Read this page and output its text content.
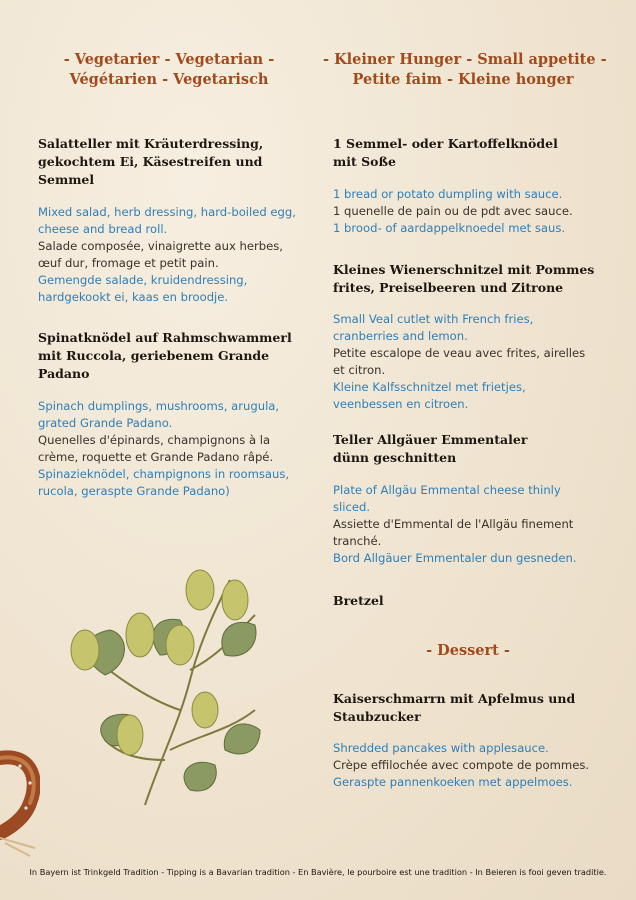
- Vegetarier - Vegetarian -
Végétarien - Vegetarisch
Salatteller mit Kräuterdressing,
gekochtem Ei, Käsestreifen und
Semmel
Mixed salad, herb dressing, hard-boiled egg,
cheese and bread roll.
Salade composée, vinaigrette aux herbes,
œuf dur, fromage et petit pain.
Gemengde salade, kruidendressing,
hardgekookt ei, kaas en broodje.
Spinatknödel auf Rahmschwammerl
mit Ruccola, geriebenem Grande
Padano
Spinach dumplings, mushrooms, arugula,
grated Grande Padano.
Quenelles d'épinards, champignons à la
crème, roquette et Grande Padano râpé.
Spinazieknödel, champignons in roomsaus,
rucola, geraspte Grande Padano)
- Kleiner Hunger - Small appetite -
Petite faim - Kleine honger
1 Semmel- oder Kartoffelknödel
mit Soße
1 bread or potato dumpling with sauce.
1 quenelle de pain ou de pdt avec sauce.
1 brood- of aardappelknoedel met saus.
Kleines Wienerschnitzel mit Pommes
frites, Preiselbeeren und Zitrone
Small Veal cutlet with French fries,
cranberries and lemon.
Petite escalope de veau avec frites, airelles
et citron.
Kleine Kalfsschnitzel met frietjes,
veenbessen en citroen.
Teller Allgäuer Emmentaler
dünn geschnitten
Plate of Allgäu Emmental cheese thinly
sliced.
Assiette d'Emmental de l'Allgäu finement
tranché.
Bord Allgäuer Emmentaler dun gesneden.
Bretzel
- Dessert -
Kaiserschmarrn mit Apfelmus und
Staubzucker
Shredded pancakes with applesauce.
Crèpe effilochée avec compote de pommes.
Geraspte pannenkoeken met appelmoes.
In Bayern ist Trinkgeld Tradition - Tipping is a Bavarian tradition - En Bavière, le pourboire est une tradition - In Beieren is fooi geven traditie.
